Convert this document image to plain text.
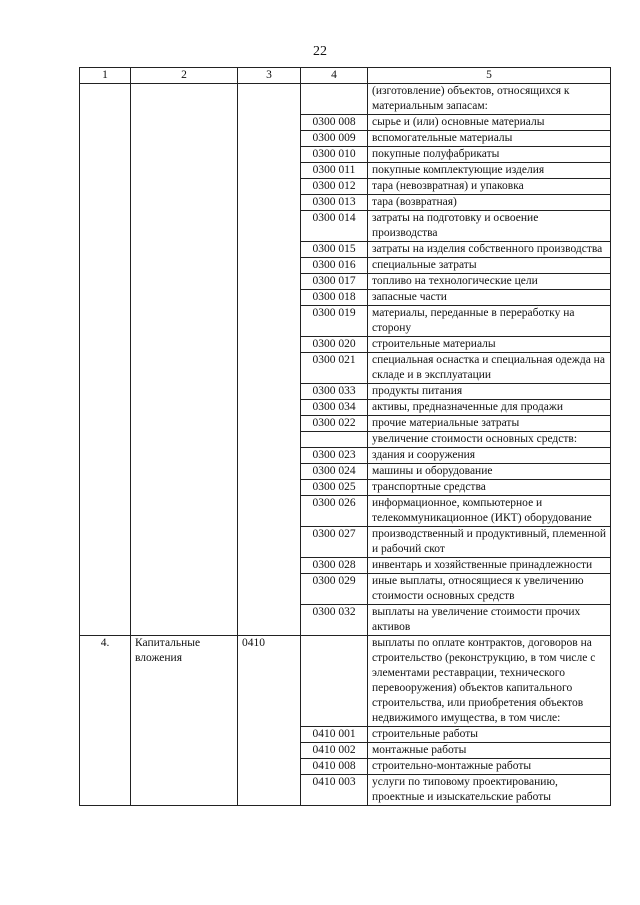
22
1	2	3	4	5
				(изготовление) объектов, относящихся к материальным запасам:
			0300 008	сырье и (или) основные материалы
			0300 009	вспомогательные материалы
			0300 010	покупные полуфабрикаты
			0300 011	покупные комплектующие изделия
			0300 012	тара (невозвратная) и упаковка
			0300 013	тара (возвратная)
			0300 014	затраты на подготовку и освоение производства
			0300 015	затраты на изделия собственного производства
			0300 016	специальные затраты
			0300 017	топливо на технологические цели
			0300 018	запасные части
			0300 019	материалы, переданные в переработку на сторону
			0300 020	строительные материалы
			0300 021	специальная оснастка и специальная одежда на складе и в эксплуатации
			0300 033	продукты питания
			0300 034	активы, предназначенные для продажи
			0300 022	прочие материальные затраты
				увеличение стоимости основных средств:
			0300 023	здания и сооружения
			0300 024	машины и оборудование
			0300 025	транспортные средства
			0300 026	информационное, компьютерное и телекоммуникационное (ИКТ) оборудование
			0300 027	производственный и продуктивный, племенной и рабочий скот
			0300 028	инвентарь и хозяйственные принадлежности
			0300 029	иные выплаты, относящиеся к увеличению стоимости основных средств
			0300 032	выплаты на увеличение стоимости прочих активов
4.	Капитальные вложения	0410		выплаты по оплате контрактов, договоров на строительство (реконструкцию, в том числе с элементами реставрации, технического перевооружения) объектов капитального строительства, или приобретения объектов недвижимого имущества, в том числе:
			0410 001	строительные работы
			0410 002	монтажные работы
			0410 008	строительно-монтажные работы
			0410 003	услуги по типовому проектированию, проектные и изыскательские работы
